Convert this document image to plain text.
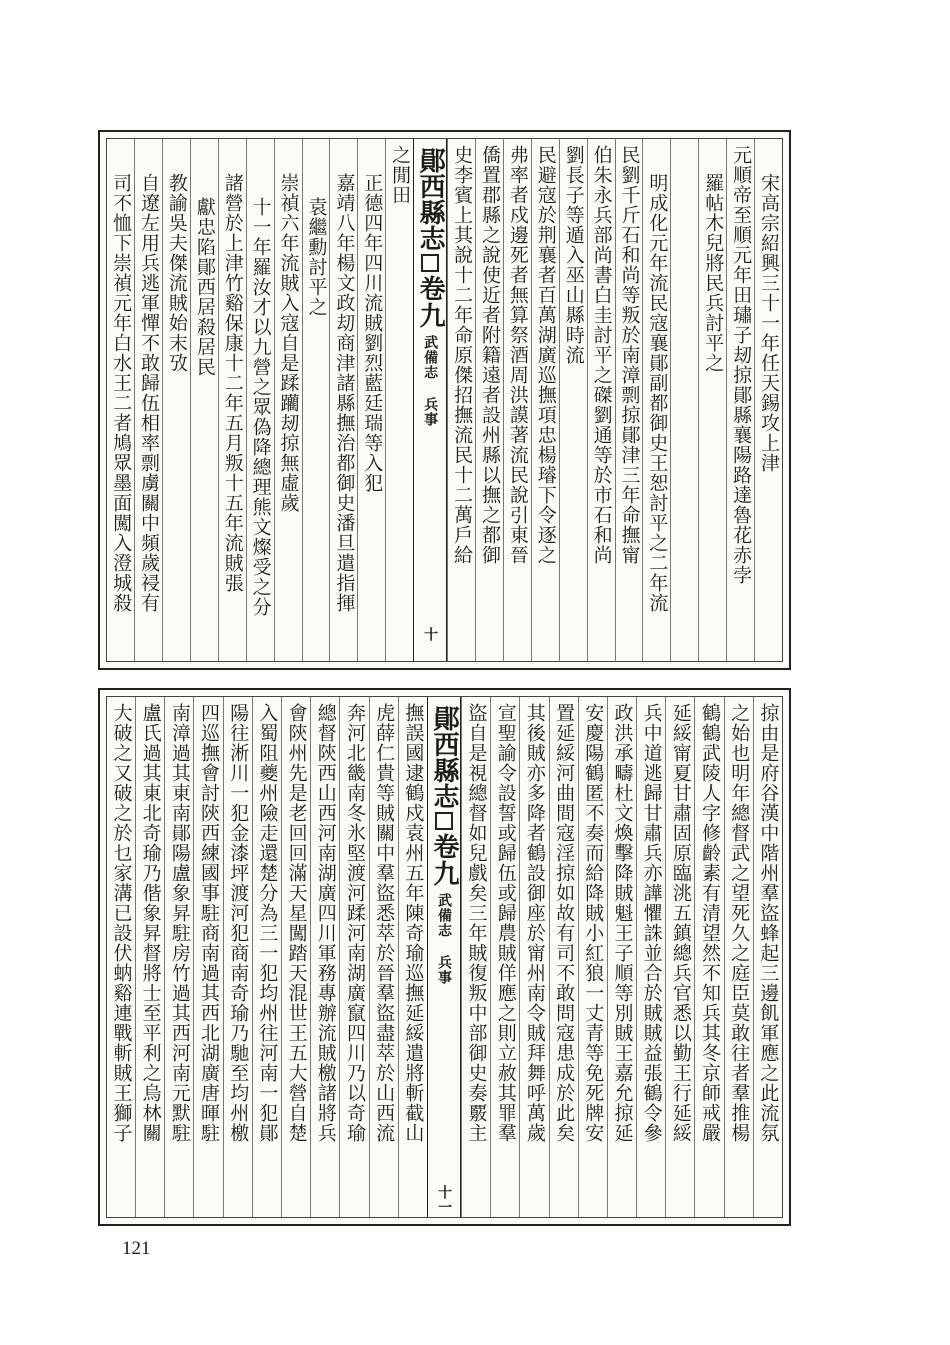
宋高宗紹興三十一年任天錫攻上津
元順帝至順元年田璛子刼掠鄖縣襄陽路達魯花赤孛
羅帖木兒將民兵討平之
明成化元年流民寇襄鄖副都御史王恕討平之二年流
民劉千斤石和尚等叛於南漳剽掠鄖津三年命撫甯
伯朱永兵部尚書白圭討平之磔劉通等於市石和尚
劉長子等遁入巫山縣時流
民避寇於荆襄者百萬湖廣巡撫項忠楊璿下令逐之
弗率者戍邊死者無算祭酒周洪謨著流民說引東晉
僑置郡縣之說使近者附籍遠者設州縣以撫之都御
史李賓上其說十二年命原傑招撫流民十二萬戶給
鄖西縣志
卷九
武備志 兵事
十
之閒田
正德四年四川流賊劉烈藍廷瑞等入犯
嘉靖八年楊文政刧商津諸縣撫治都御史潘旦遣指揮
袁繼勳討平之
崇禎六年流賊入寇自是蹂躪刼掠無虛歲
十一年羅汝才以九營之眾偽降總理熊文燦受之分
諸營於上津竹谿保康十二年五月叛十五年流賊張
獻忠陷鄖西居殺居民
教諭吳夫傑流賊始末攷
自遼左用兵逃軍憚不敢歸伍相率剽虜關中頻歲祲有
司不恤下崇禎元年白水王二者鳩眾墨面闖入澄城殺
掠由是府谷漢中階州羣盜蜂起三邊飢軍應之此流氛
之始也明年總督武之望死久之庭臣莫敢往者羣推楊
鶴鶴武陵人字修齡素有清望然不知兵其冬京師戒嚴
延綏甯夏甘肅固原臨洮五鎮總兵官悉以勤王行延綏
兵中道逃歸甘肅兵亦譁懼誅並合於賊賊益張鶴令參
政洪承疇杜文煥擊降賊魁王子順等別賊王嘉允掠延
安慶陽鶴匿不奏而給降賊小紅狼一丈青等免死牌安
置延綏河曲間寇淫掠如故有司不敢問寇患成於此矣
其後賊亦多降者鶴設御座於甯州南令賊拜舞呼萬歲
宣聖諭令設誓或歸伍或歸農賊佯應之則立赦其罪羣
盜自是視總督如兒戲矣三年賊復叛中部御史奏覈主
鄖西縣志
卷九
武備志 兵事
十一
撫誤國逮鶴戍袁州五年陳奇瑜巡撫延綏遣將斬截山
虎薛仁貴等賊關中羣盜悉萃於晉羣盜盡萃於山西流
奔河北畿南冬氷堅渡河蹂河南湖廣竄四川乃以奇瑜
總督陝西山西河南湖廣四川軍務專辦流賊檄諸將兵
會陝州先是老回回滿天星闖踏天混世王五大營自楚
入蜀阻夔州險走還楚分為三一犯均州往河南一犯鄖
陽往淅川一犯金漆坪渡河犯商南奇瑜乃馳至均州檄
四巡撫會討陝西練國事駐商南過其西北湖廣唐暉駐
南漳過其東南鄖陽盧象昇駐房竹過其西河南元默駐
盧氏過其東北奇瑜乃偕象昇督將士至平利之烏林關
大破之又破之於乜家溝已設伏蚋谿連戰斬賊王獅子
121
